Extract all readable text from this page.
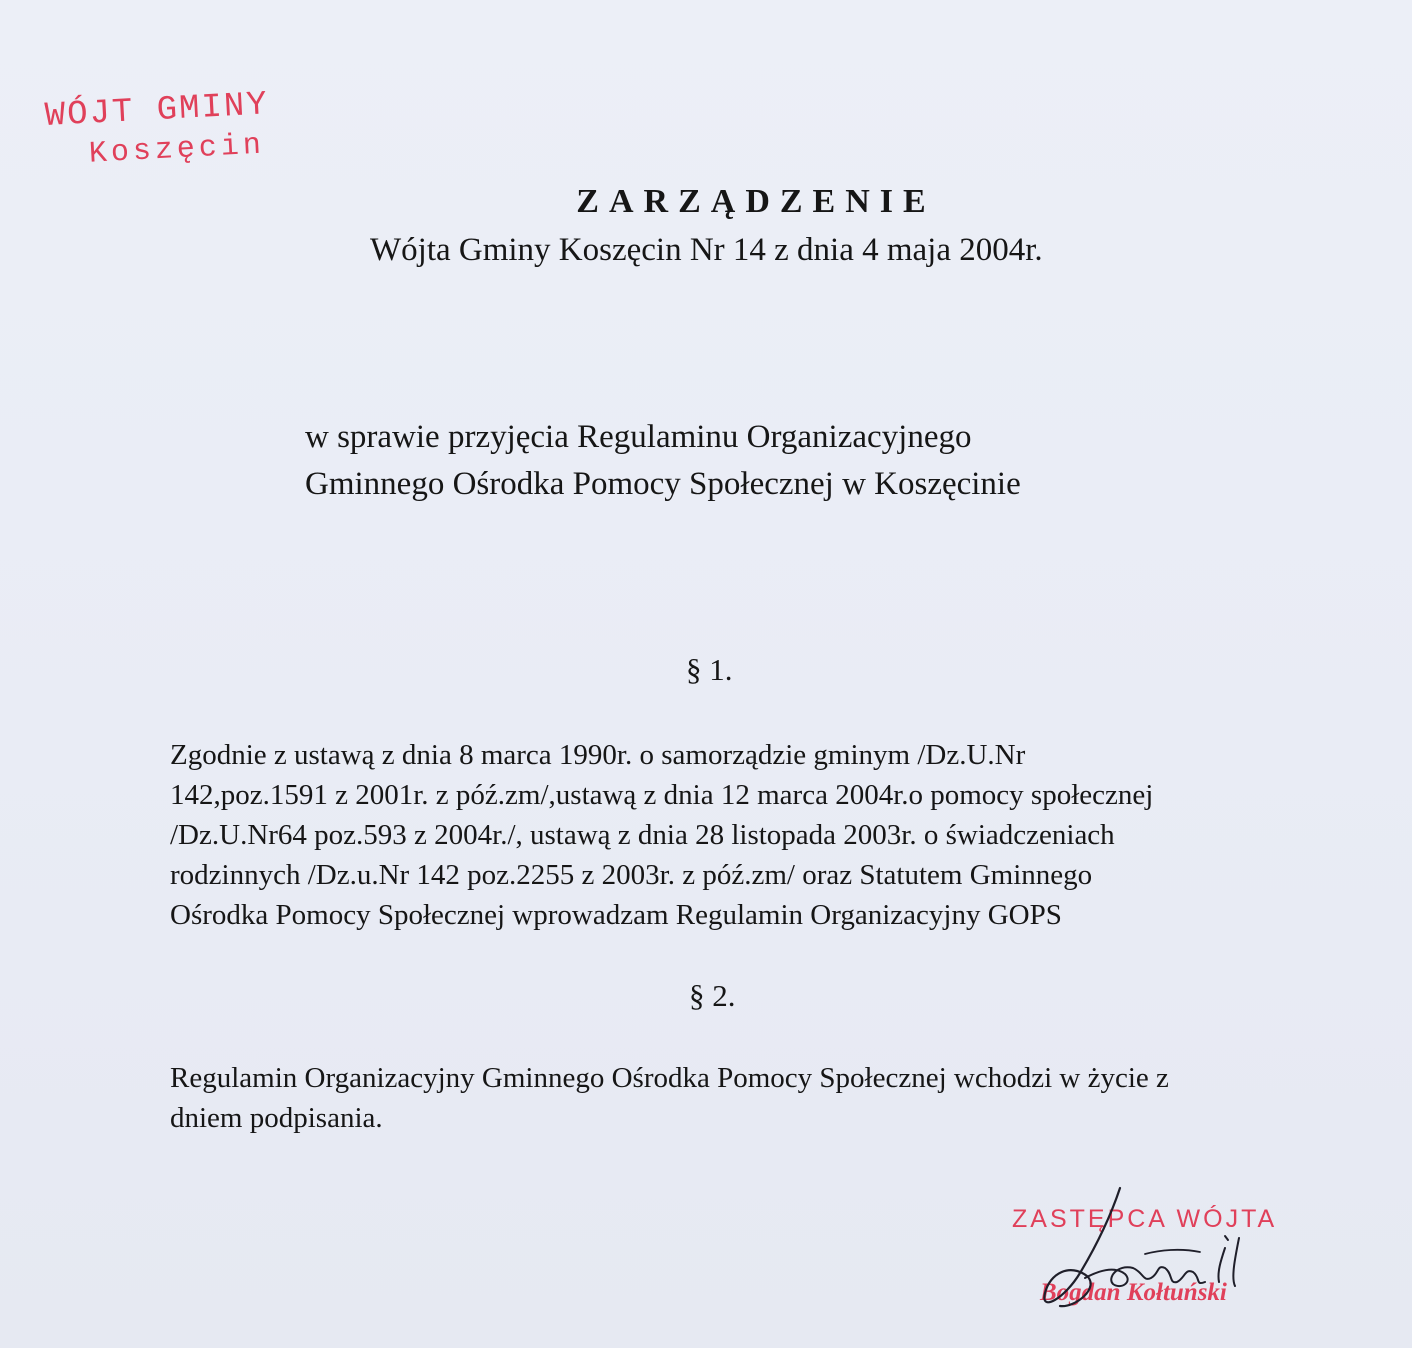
WÓJT GMINY
Koszęcin
ZARZĄDZENIE
Wójta Gminy Koszęcin Nr 14 z dnia 4 maja 2004r.
w sprawie przyjęcia Regulaminu Organizacyjnego
Gminnego Ośrodka Pomocy Społecznej w Koszęcinie
§ 1.
Zgodnie z ustawą z dnia 8 marca 1990r. o samorządzie gminym /Dz.U.Nr
142,poz.1591 z 2001r. z póź.zm/,ustawą z dnia 12 marca 2004r.o pomocy społecznej
/Dz.U.Nr64 poz.593 z 2004r./, ustawą z dnia 28 listopada 2003r. o świadczeniach
rodzinnych /Dz.u.Nr 142 poz.2255 z 2003r. z póź.zm/ oraz Statutem Gminnego
Ośrodka Pomocy Społecznej wprowadzam Regulamin Organizacyjny GOPS
§ 2.
Regulamin Organizacyjny Gminnego Ośrodka Pomocy Społecznej wchodzi w życie z
dniem podpisania.
ZASTĘPCA WÓJTA
Bogdan Kołtuński
